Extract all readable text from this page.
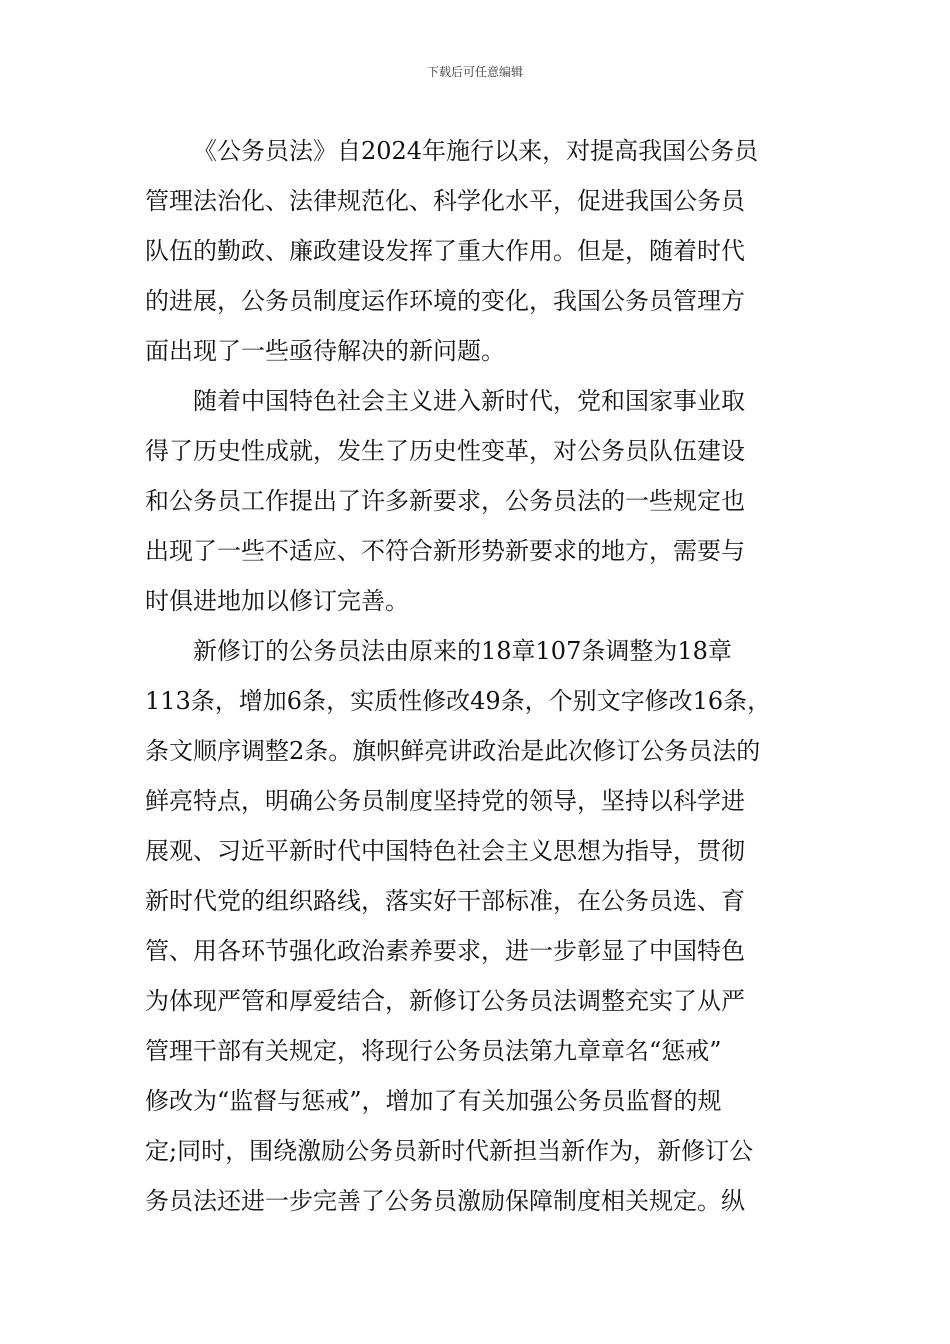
下载后可任意编辑
《公务员法》自2024年施行以来，对提高我国公务员
管理法治化、法律规范化、科学化水平，促进我国公务员
队伍的勤政、廉政建设发挥了重大作用。但是，随着时代
的进展，公务员制度运作环境的变化，我国公务员管理方
面出现了一些亟待解决的新问题。
随着中国特色社会主义进入新时代，党和国家事业取
得了历史性成就，发生了历史性变革，对公务员队伍建设
和公务员工作提出了许多新要求，公务员法的一些规定也
出现了一些不适应、不符合新形势新要求的地方，需要与
时俱进地加以修订完善。
新修订的公务员法由原来的18章107条调整为18章
113条，增加6条，实质性修改49条，个别文字修改16条，
条文顺序调整2条。旗帜鲜亮讲政治是此次修订公务员法的
鲜亮特点，明确公务员制度坚持党的领导，坚持以科学进
展观、习近平新时代中国特色社会主义思想为指导，贯彻
新时代党的组织路线，落实好干部标准，在公务员选、育
管、用各环节强化政治素养要求，进一步彰显了中国特色
为体现严管和厚爱结合，新修订公务员法调整充实了从严
管理干部有关规定，将现行公务员法第九章章名“惩戒”
修改为“监督与惩戒”，增加了有关加强公务员监督的规
定;同时，围绕激励公务员新时代新担当新作为，新修订公
务员法还进一步完善了公务员激励保障制度相关规定。纵
